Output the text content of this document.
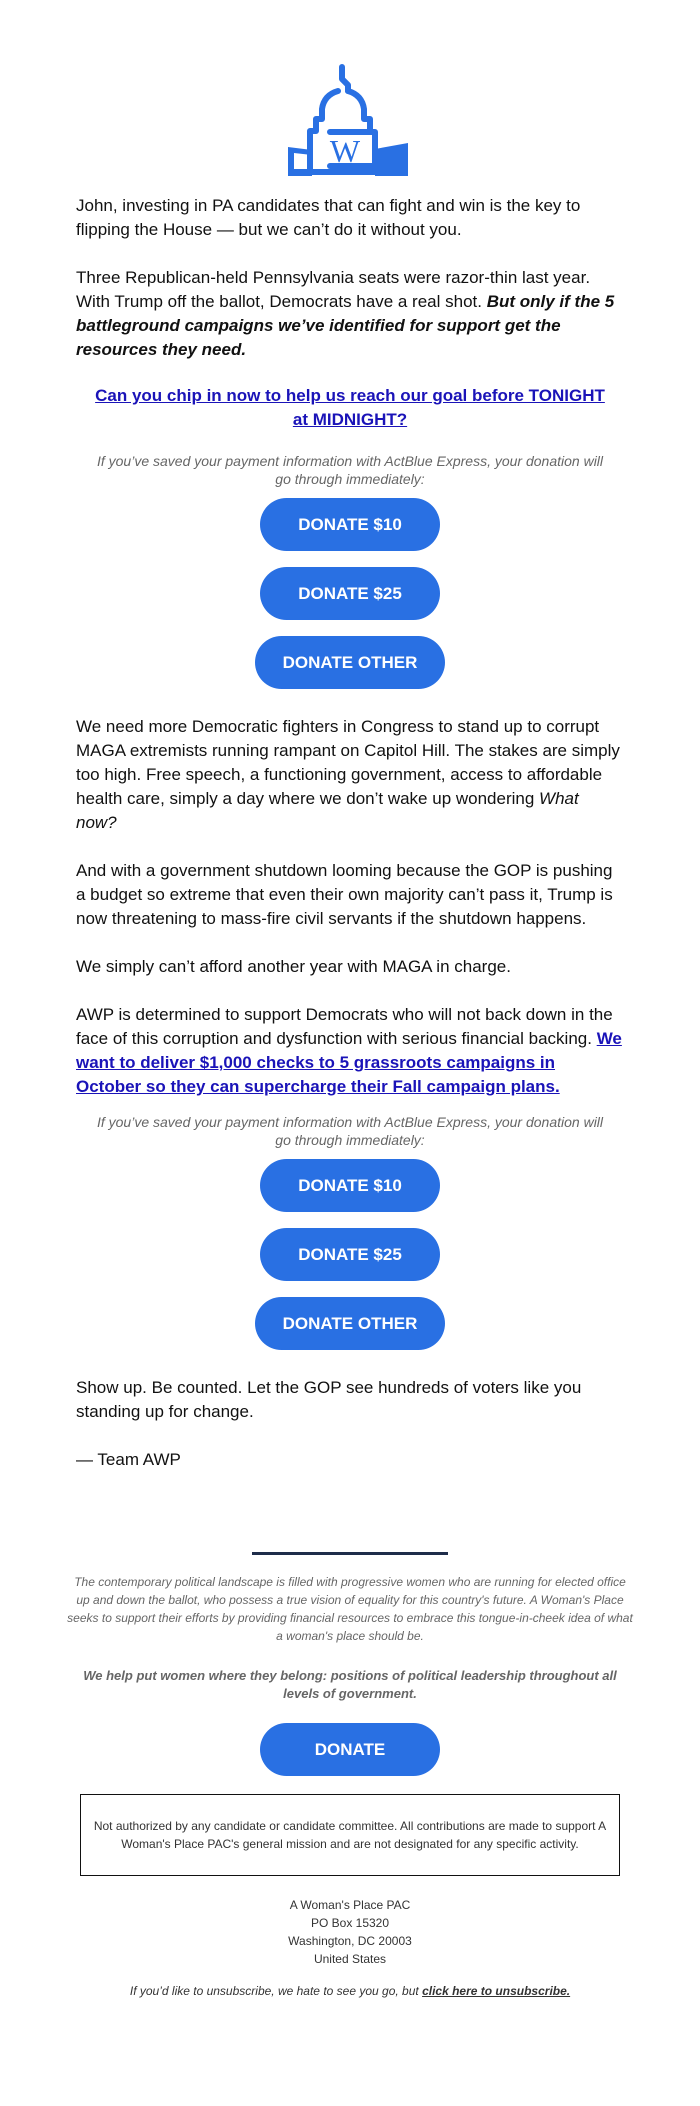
W

John, investing in PA candidates that can fight and win is the key to flipping the House — but we can’t do it without you.

Three Republican-held Pennsylvania seats were razor-thin last year. With Trump off the ballot, Democrats have a real shot. But only if the 5 battleground campaigns we’ve identified for support get the resources they need.

Can you chip in now to help us reach our goal before TONIGHT at MIDNIGHT?

If you’ve saved your payment information with ActBlue Express, your donation will go through immediately:

DONATE $10
DONATE $25
DONATE OTHER

We need more Democratic fighters in Congress to stand up to corrupt MAGA extremists running rampant on Capitol Hill. The stakes are simply too high. Free speech, a functioning government, access to affordable health care, simply a day where we don’t wake up wondering What now?

And with a government shutdown looming because the GOP is pushing a budget so extreme that even their own majority can’t pass it, Trump is now threatening to mass-fire civil servants if the shutdown happens.

We simply can’t afford another year with MAGA in charge.

AWP is determined to support Democrats who will not back down in the face of this corruption and dysfunction with serious financial backing. We want to deliver $1,000 checks to 5 grassroots campaigns in October so they can supercharge their Fall campaign plans.

If you’ve saved your payment information with ActBlue Express, your donation will go through immediately:

DONATE $10
DONATE $25
DONATE OTHER

Show up. Be counted. Let the GOP see hundreds of voters like you standing up for change.

— Team AWP

The contemporary political landscape is filled with progressive women who are running for elected office up and down the ballot, who possess a true vision of equality for this country's future. A Woman's Place seeks to support their efforts by providing financial resources to embrace this tongue-in-cheek idea of what a woman's place should be.

We help put women where they belong: positions of political leadership throughout all levels of government.

DONATE
Not authorized by any candidate or candidate committee. All contributions are made to support A Woman's Place PAC's general mission and are not designated for any specific activity.
A Woman's Place PAC
PO Box 15320
Washington, DC 20003
United States

If you’d like to unsubscribe, we hate to see you go, but click here to unsubscribe.
